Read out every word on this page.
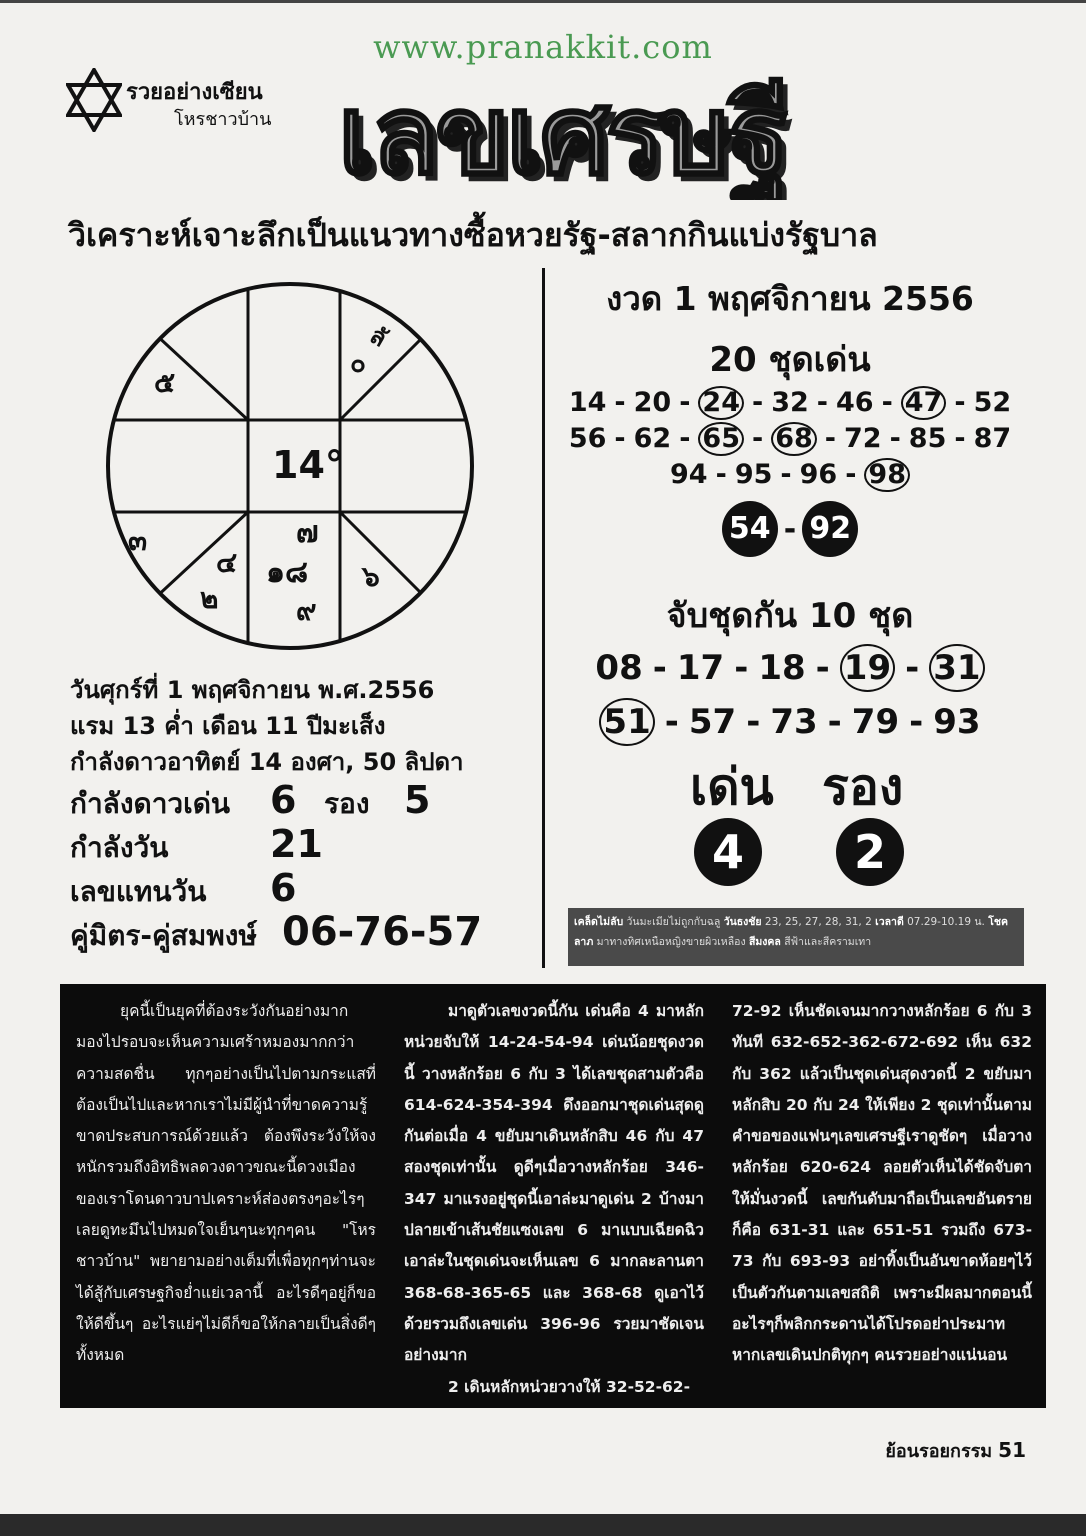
www.pranakkit.com
รวยอย่างเซียน
โหรชาวบ้าน เลขเศรษฐี
วิเคราะห์เจาะลึกเป็นแนวทางซื้อหวยรัฐ-สลากกินแบ่งรัฐบาล
14°
ลั
๐
๕
๓
๔
๒
๗
๑๘
๙
๖
วันศุกร์ที่ 1 พฤศจิกายน พ.ศ.2556
แรม 13 ค่ำ เดือน 11 ปีมะเส็ง
กำลังดาวอาทิตย์ 14 องศา, 50 ลิปดา
กำลังดาวเด่น 6 รอง 5
กำลังวัน	21
เลขแทนวัน 6
คู่มิตร-คู่สมพงษ์ 06-76-57
งวด 1 พฤศจิกายน 2556
20 ชุดเด่น
14 - 20 - 24 - 32 - 46 - 47 - 52
56 - 62 - 65 - 68 - 72 - 85 - 87
94 - 95 - 96 - 98
54 - 92
จับชุดกัน 10 ชุด
08 - 17 - 18 - 19 - 31
51 - 57 - 73 - 79 - 93
เด่น รอง
4	2
เคล็ดไม่ลับ วันมะเมียไม่ถูกกับฉลู วันธงชัย 23, 25, 27, 28, 31, 2 เวลาดี 07.29-10.19 น. โชคลาภ มาทางทิศเหนือหญิงขายผิวเหลือง สีมงคล สีฟ้าและสีครามเทา

ยุคนี้เป็นยุคที่ต้องระวังกันอย่างมาก มองไปรอบจะเห็นความเศร้าหมองมากกว่าความสดชื่น ทุกๆอย่างเป็นไปตามกระแสที่ต้องเป็นไปและหากเราไม่มีผู้นำที่ขาดความรู้ขาดประสบการณ์ด้วยแล้ว ต้องพึงระวังให้จงหนักรวมถึงอิทธิพลดวงดาวขณะนี้ดวงเมืองของเราโดนดาวบาปเคราะห์ส่องตรงๆอะไรๆเลยดูทะมึนไปหมดใจเย็นๆนะทุกๆคน "โหรชาวบ้าน" พยายามอย่างเต็มที่เพื่อทุกๆท่านจะได้สู้กับเศรษฐกิจย่ำแย่เวลานี้ อะไรดีๆอยู่ก็ขอให้ดีขึ้นๆ อะไรแย่ๆไม่ดีก็ขอให้กลายเป็นสิ่งดีๆทั้งหมด

มาดูตัวเลขงวดนี้กัน เด่นคือ 4 มาหลักหน่วยจับให้ 14-24-54-94 เด่นน้อยชุดงวดนี้ วางหลักร้อย 6 กับ 3 ได้เลขชุดสามตัวคือ 614-624-354-394 ดึงออกมาชุดเด่นสุดดูกันต่อเมื่อ 4 ขยับมาเดินหลักสิบ 46 กับ 47 สองชุดเท่านั้น ดูดีๆเมื่อวางหลักร้อย 346-347 มาแรงอยู่ชุดนี้เอาล่ะมาดูเด่น 2 บ้างมาปลายเข้าเส้นชัยแซงเลข 6 มาแบบเฉียดฉิว เอาล่ะในชุดเด่นจะเห็นเลข 6 มากละลานตา 368-68-365-65 และ 368-68 ดูเอาไว้ด้วยรวมถึงเลขเด่น 396-96 รวยมาชัดเจนอย่างมาก

2 เดินหลักหน่วยวางให้ 32-52-62-

72-92 เห็นชัดเจนมากวางหลักร้อย 6 กับ 3 ทันที 632-652-362-672-692 เห็น 632 กับ 362 แล้วเป็นชุดเด่นสุดงวดนี้ 2 ขยับมาหลักสิบ 20 กับ 24 ให้เพียง 2 ชุดเท่านั้นตามคำขอของแฟนๆเลขเศรษฐีเราดูชัดๆ เมื่อวางหลักร้อย 620-624 ลอยตัวเห็นได้ชัดจับตาให้มั่นงวดนี้ เลขกันดับมาถือเป็นเลขอันตรายก็คือ 631-31 และ 651-51 รวมถึง 673-73 กับ 693-93 อย่าทิ้งเป็นอันขาดห้อยๆไว้เป็นตัวกันตามเลขสถิติ เพราะมีผลมากตอนนี้อะไรๆก็พลิกกระดานได้โปรดอย่าประมาทหากเลขเดินปกติทุกๆ คนรวยอย่างแน่นอน

ย้อนรอยกรรม 51
